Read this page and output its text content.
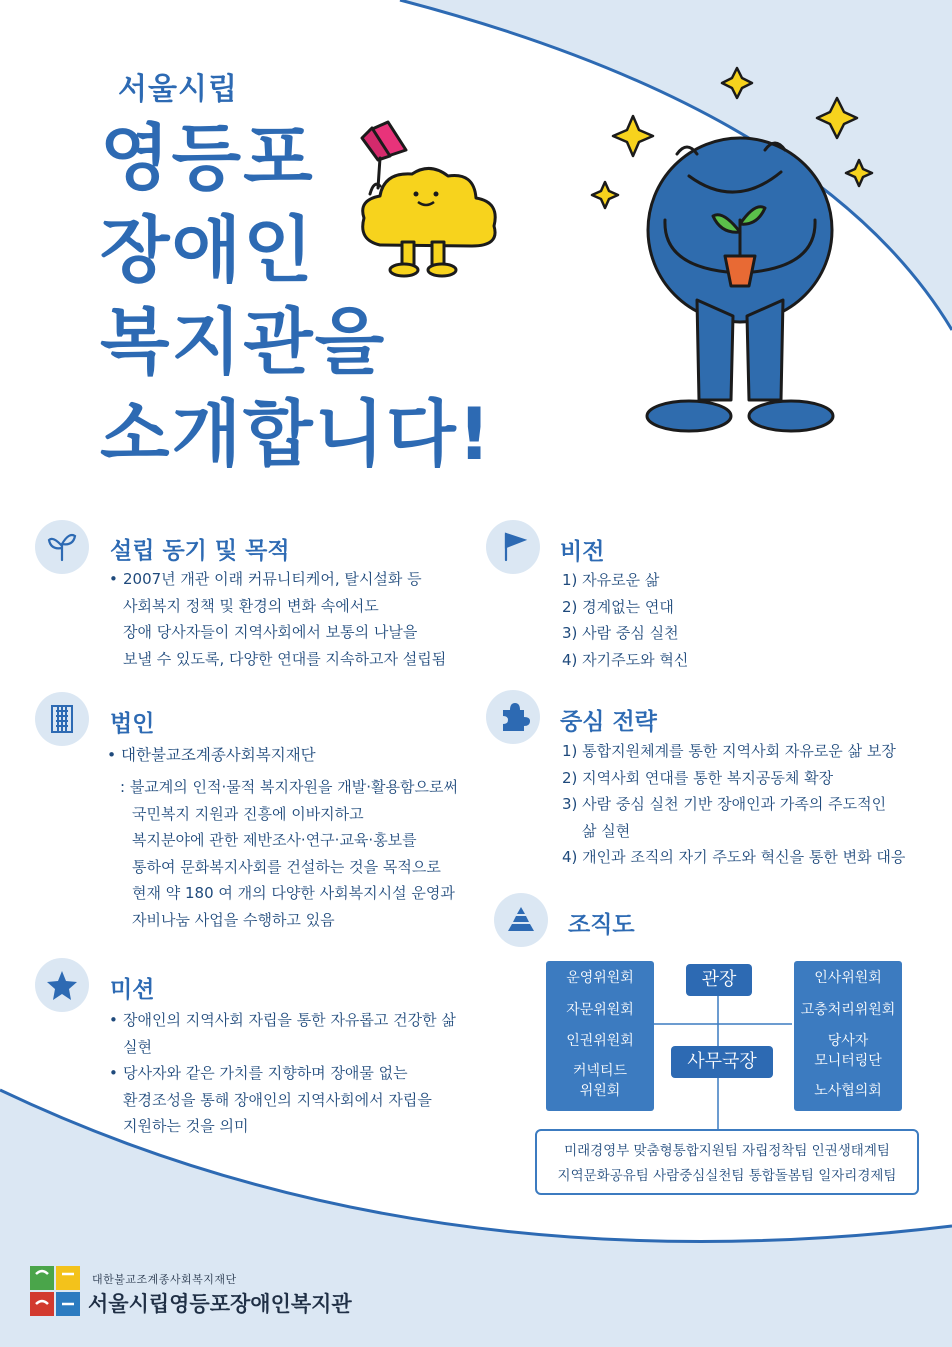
서울시립
영등포
장애인
복지관을
소개합니다!
설립 동기 및 목적
• 2007년 개관 이래 커뮤니티케어, 탈시설화 등
사회복지 정책 및 환경의 변화 속에서도
장애 당사자들이 지역사회에서 보통의 나날을
보낼 수 있도록, 다양한 연대를 지속하고자 설립됨
비전
1) 자유로운 삶
2) 경계없는 연대
3) 사람 중심 실천
4) 자기주도와 혁신
법인
• 대한불교조계종사회복지재단
: 불교계의 인적·물적 복지자원을 개발·활용함으로써
국민복지 지원과 진흥에 이바지하고
복지분야에 관한 제반조사·연구·교육·홍보를
통하여 문화복지사회를 건설하는 것을 목적으로
현재 약 180 여 개의 다양한 사회복지시설 운영과
자비나눔 사업을 수행하고 있음
중심 전략
1) 통합지원체계를 통한 지역사회 자유로운 삶 보장
2) 지역사회 연대를 통한 복지공동체 확장
3) 사람 중심 실천 기반 장애인과 가족의 주도적인
삶 실현
4) 개인과 조직의 자기 주도와 혁신을 통한 변화 대응
미션
• 장애인의 지역사회 자립을 통한 자유롭고 건강한 삶
실현
• 당사자와 같은 가치를 지향하며 장애물 없는
환경조성을 통해 장애인의 지역사회에서 자립을
지원하는 것을 의미
조직도
운영위원회
자문위원회
인권위원회
커넥티드
위원회
관장
사무국장
인사위원회
고충처리위원회
당사자
모니터링단
노사협의회
미래경영부 맞춤형통합지원팀 자립정착팀 인권생태계팀
지역문화공유팀 사람중심실천팀 통합돌봄팀 일자리경제팀
대한불교조계종사회복지재단
서울시립영등포장애인복지관
